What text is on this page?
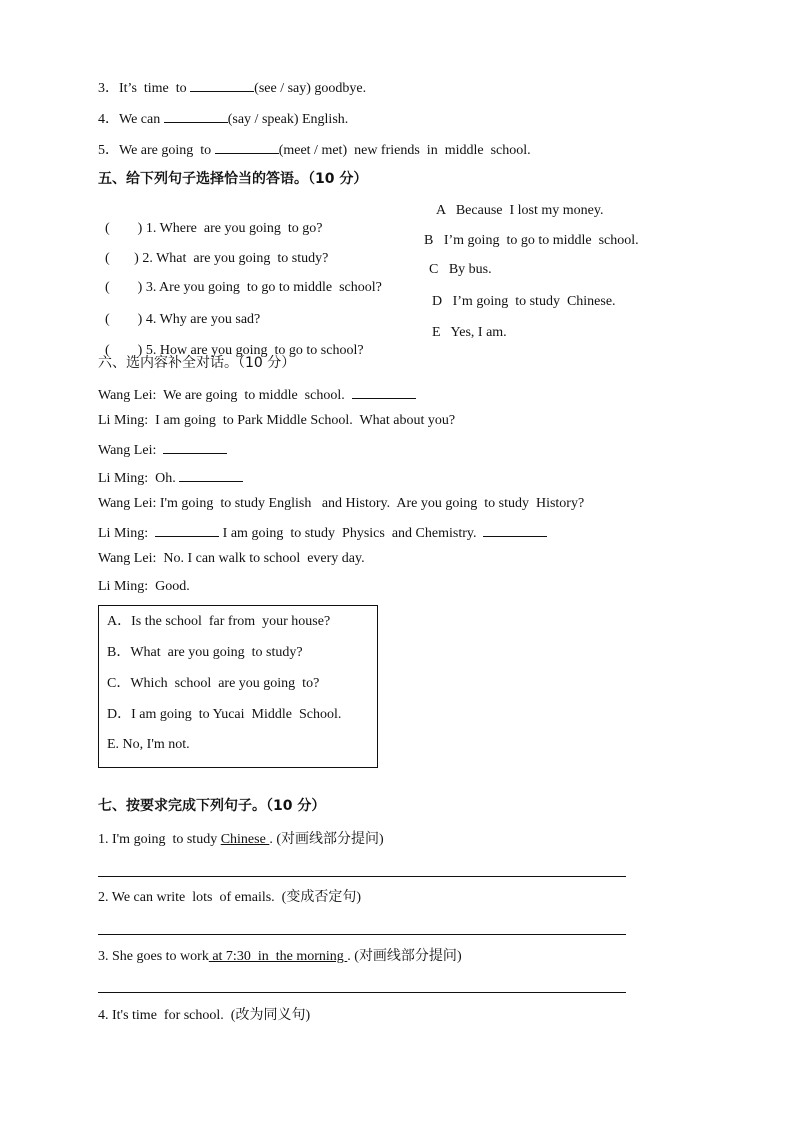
3．It’s  time  to	(see / say) goodbye.
4．We can	(say / speak) English.
5．We are going  to	(meet / met)  new friends  in  middle  school.
五、给下列句子选择恰当的答语。（10 分）

(        ) 1. Where  are you going  to go?

A   Because  I lost my money.

(       ) 2. What  are you going  to study?

B   I’m going  to go to middle  school.

(        ) 3. Are you going  to go to middle  school?

C   By bus.

(        ) 4. Why are you sad?

D   I’m going  to study  Chinese.

(        ) 5. How are you going  to go to school?

E   Yes, I am.
六、选内容补全对话。（10 分）
Wang Lei: We are going  to middle  school.
Li Ming: I am going  to Park Middle School.  What about you?
Wang Lei:
Li Ming: Oh.
Wang Lei: I'm going  to study English   and History.  Are you going  to study  History?
Li Ming:	I am going  to study  Physics  and Chemistry.
Wang Lei: No. I can walk to school  every day.
Li Ming: Good.
A．Is the school  far from  your house?
B．What  are you going  to study?
C．Which  school  are you going  to?
D．I am going  to Yucai  Middle  School.
E. No, I'm not.
七、按要求完成下列句子。（10 分）
1. I'm going  to study Chinese . (对画线部分提问)
2. We can write  lots  of emails.  (变成否定句)
3. She goes to work at 7:30  in  the morning . (对画线部分提问)
4. It's time  for school.  (改为同义句)
